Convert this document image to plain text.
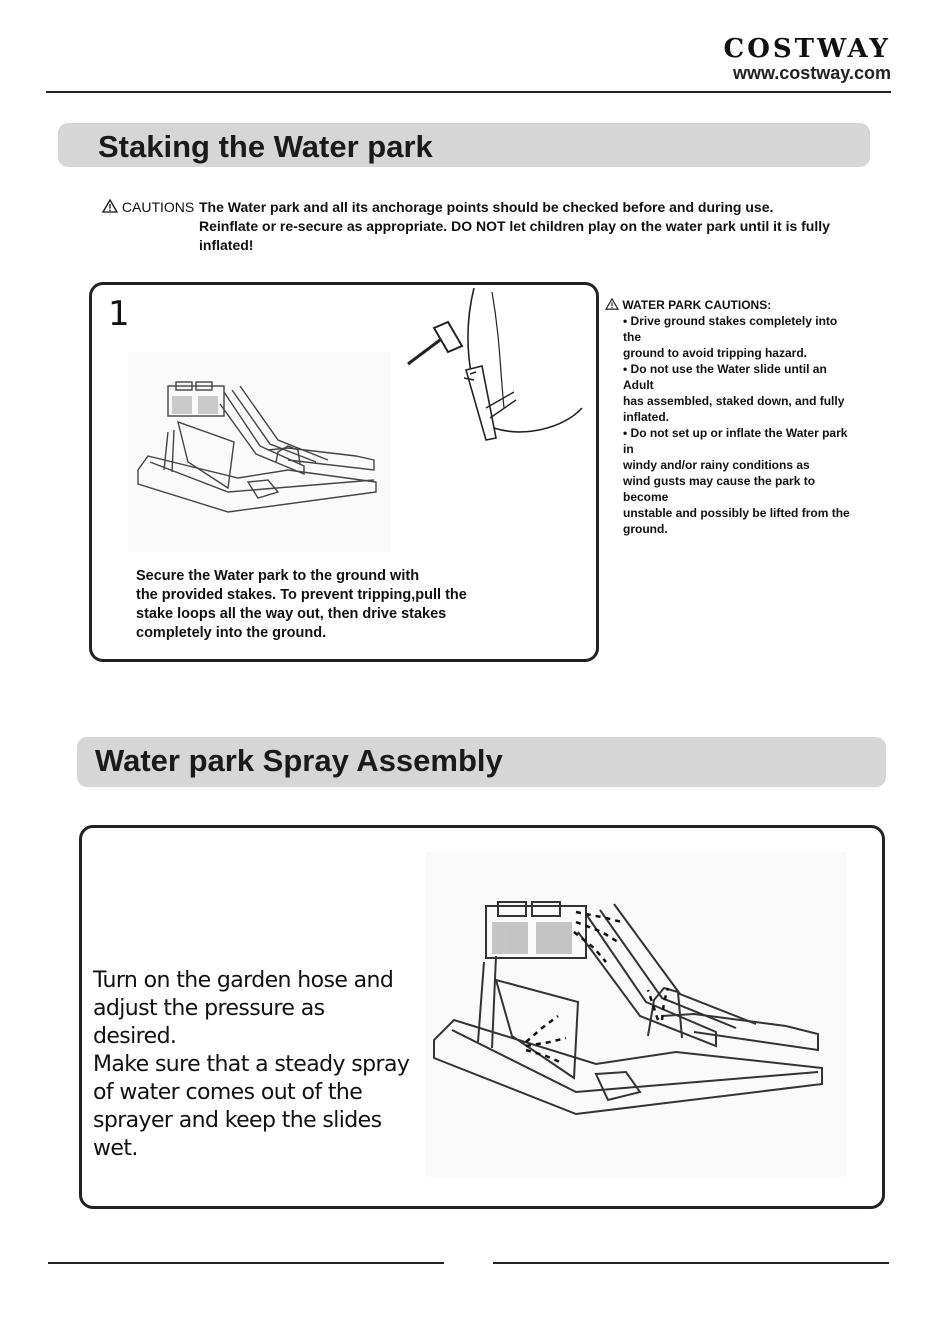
COSTWAY
www.costway.com
Staking the Water park
CAUTIONS The Water park and all its anchorage points should be checked before and during use.
Reinflate or re-secure as appropriate. DO NOT let children play on the water park until it is fully
inflated!
1
Secure the Water park to the ground with
the provided stakes. To prevent tripping,pull the
stake loops all the way out, then drive stakes
completely into the ground.
WATER PARK CAUTIONS:
• Drive ground stakes completely into the
ground to avoid tripping hazard.
• Do not use the Water slide until an Adult
has assembled, staked down, and fully
inflated.
• Do not set up or inflate the Water park in
windy and/or rainy conditions as
wind gusts may cause the park to become
unstable and possibly be lifted from the
ground.
Water park Spray Assembly
Turn on the garden hose and
adjust the pressure as desired.
Make sure that a steady spray
of water comes out of the
sprayer and keep the slides wet.
